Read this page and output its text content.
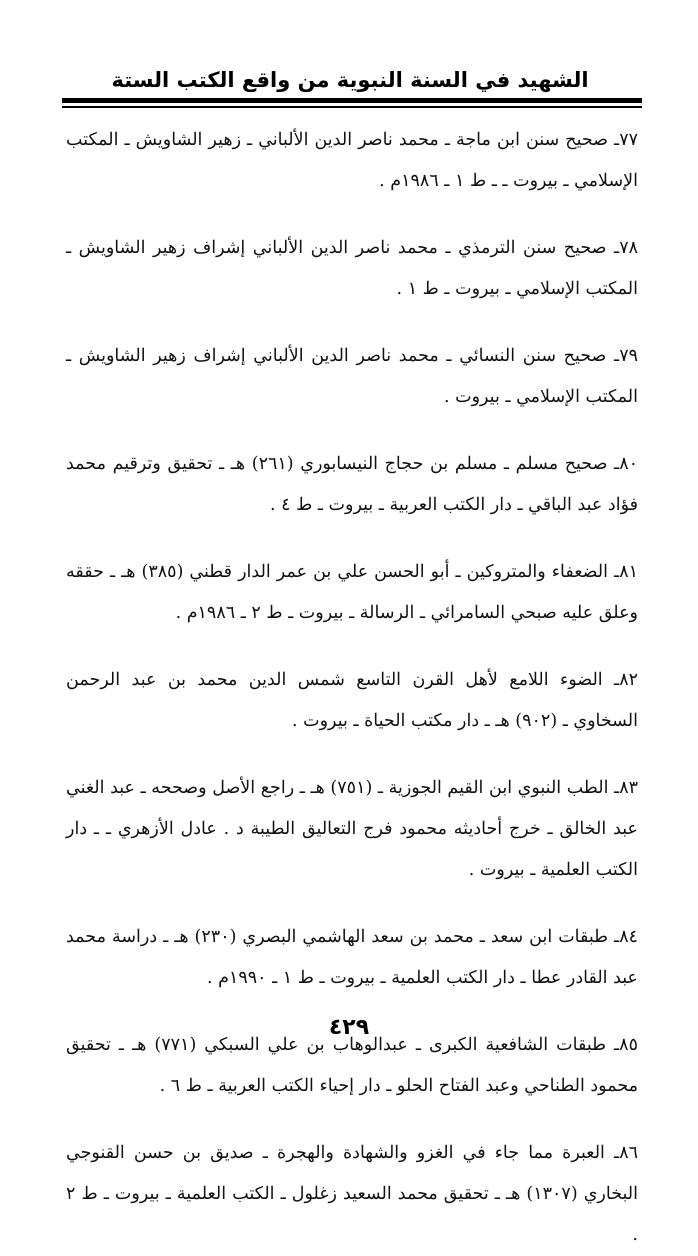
الشهيد في السنة النبوية من واقع الكتب الستة
٧٧ـ صحيح سنن ابن ماجة ـ محمد ناصر الدين الألباني ـ زهير الشاويش ـ المكتب الإسلامي ـ بيروت ـ ـ ط ١ ـ ١٩٨٦م .
٧٨ـ صحيح سنن الترمذي ـ محمد ناصر الدين الألباني إشراف زهير الشاويش ـ المكتب الإسلامي ـ بيروت ـ ط ١ .
٧٩ـ صحيح سنن النسائي ـ محمد ناصر الدين الألباني إشراف زهير الشاويش ـ المكتب الإسلامي ـ بيروت .
٨٠ـ صحيح مسلم ـ مسلم بن حجاج النيسابوري (٢٦١) هـ ـ تحقيق وترقيم محمد فؤاد عبد الباقي ـ دار الكتب العربية ـ بيروت ـ ط ٤ .
٨١ـ الضعفاء والمتروكين ـ أبو الحسن علي بن عمر الدار قطني (٣٨٥) هـ ـ حققه وعلق عليه صبحي السامرائي ـ الرسالة ـ بيروت ـ ط ٢ ـ ١٩٨٦م .
٨٢ـ الضوء اللامع لأهل القرن التاسع شمس الدين محمد بن عبد الرحمن السخاوي ـ (٩٠٢) هـ ـ دار مكتب الحياة ـ بيروت .
٨٣ـ الطب النبوي ابن القيم الجوزية ـ (٧٥١) هـ ـ راجع الأصل وصححه ـ عبد الغني عبد الخالق ـ خرج أحاديثه محمود فرج التعاليق الطيبة د . عادل الأزهري ـ ـ دار الكتب العلمية ـ بيروت .
٨٤ـ طبقات ابن سعد ـ محمد بن سعد الهاشمي البصري (٢٣٠) هـ ـ دراسة محمد عبد القادر عطا ـ دار الكتب العلمية ـ بيروت ـ ط ١ ـ ١٩٩٠م .
٨٥ـ طبقات الشافعية الكبرى ـ عبدالوهاب بن علي السبكي (٧٧١) هـ ـ تحقيق محمود الطناحي وعبد الفتاح الحلو ـ دار إحياء الكتب العربية ـ ط ٦ .
٨٦ـ العبرة مما جاء في الغزو والشهادة والهجرة ـ صديق بن حسن القنوجي البخاري (١٣٠٧) هـ ـ تحقيق محمد السعيد زغلول ـ الكتب العلمية ـ بيروت ـ ط ٢ .
٤٢٩
